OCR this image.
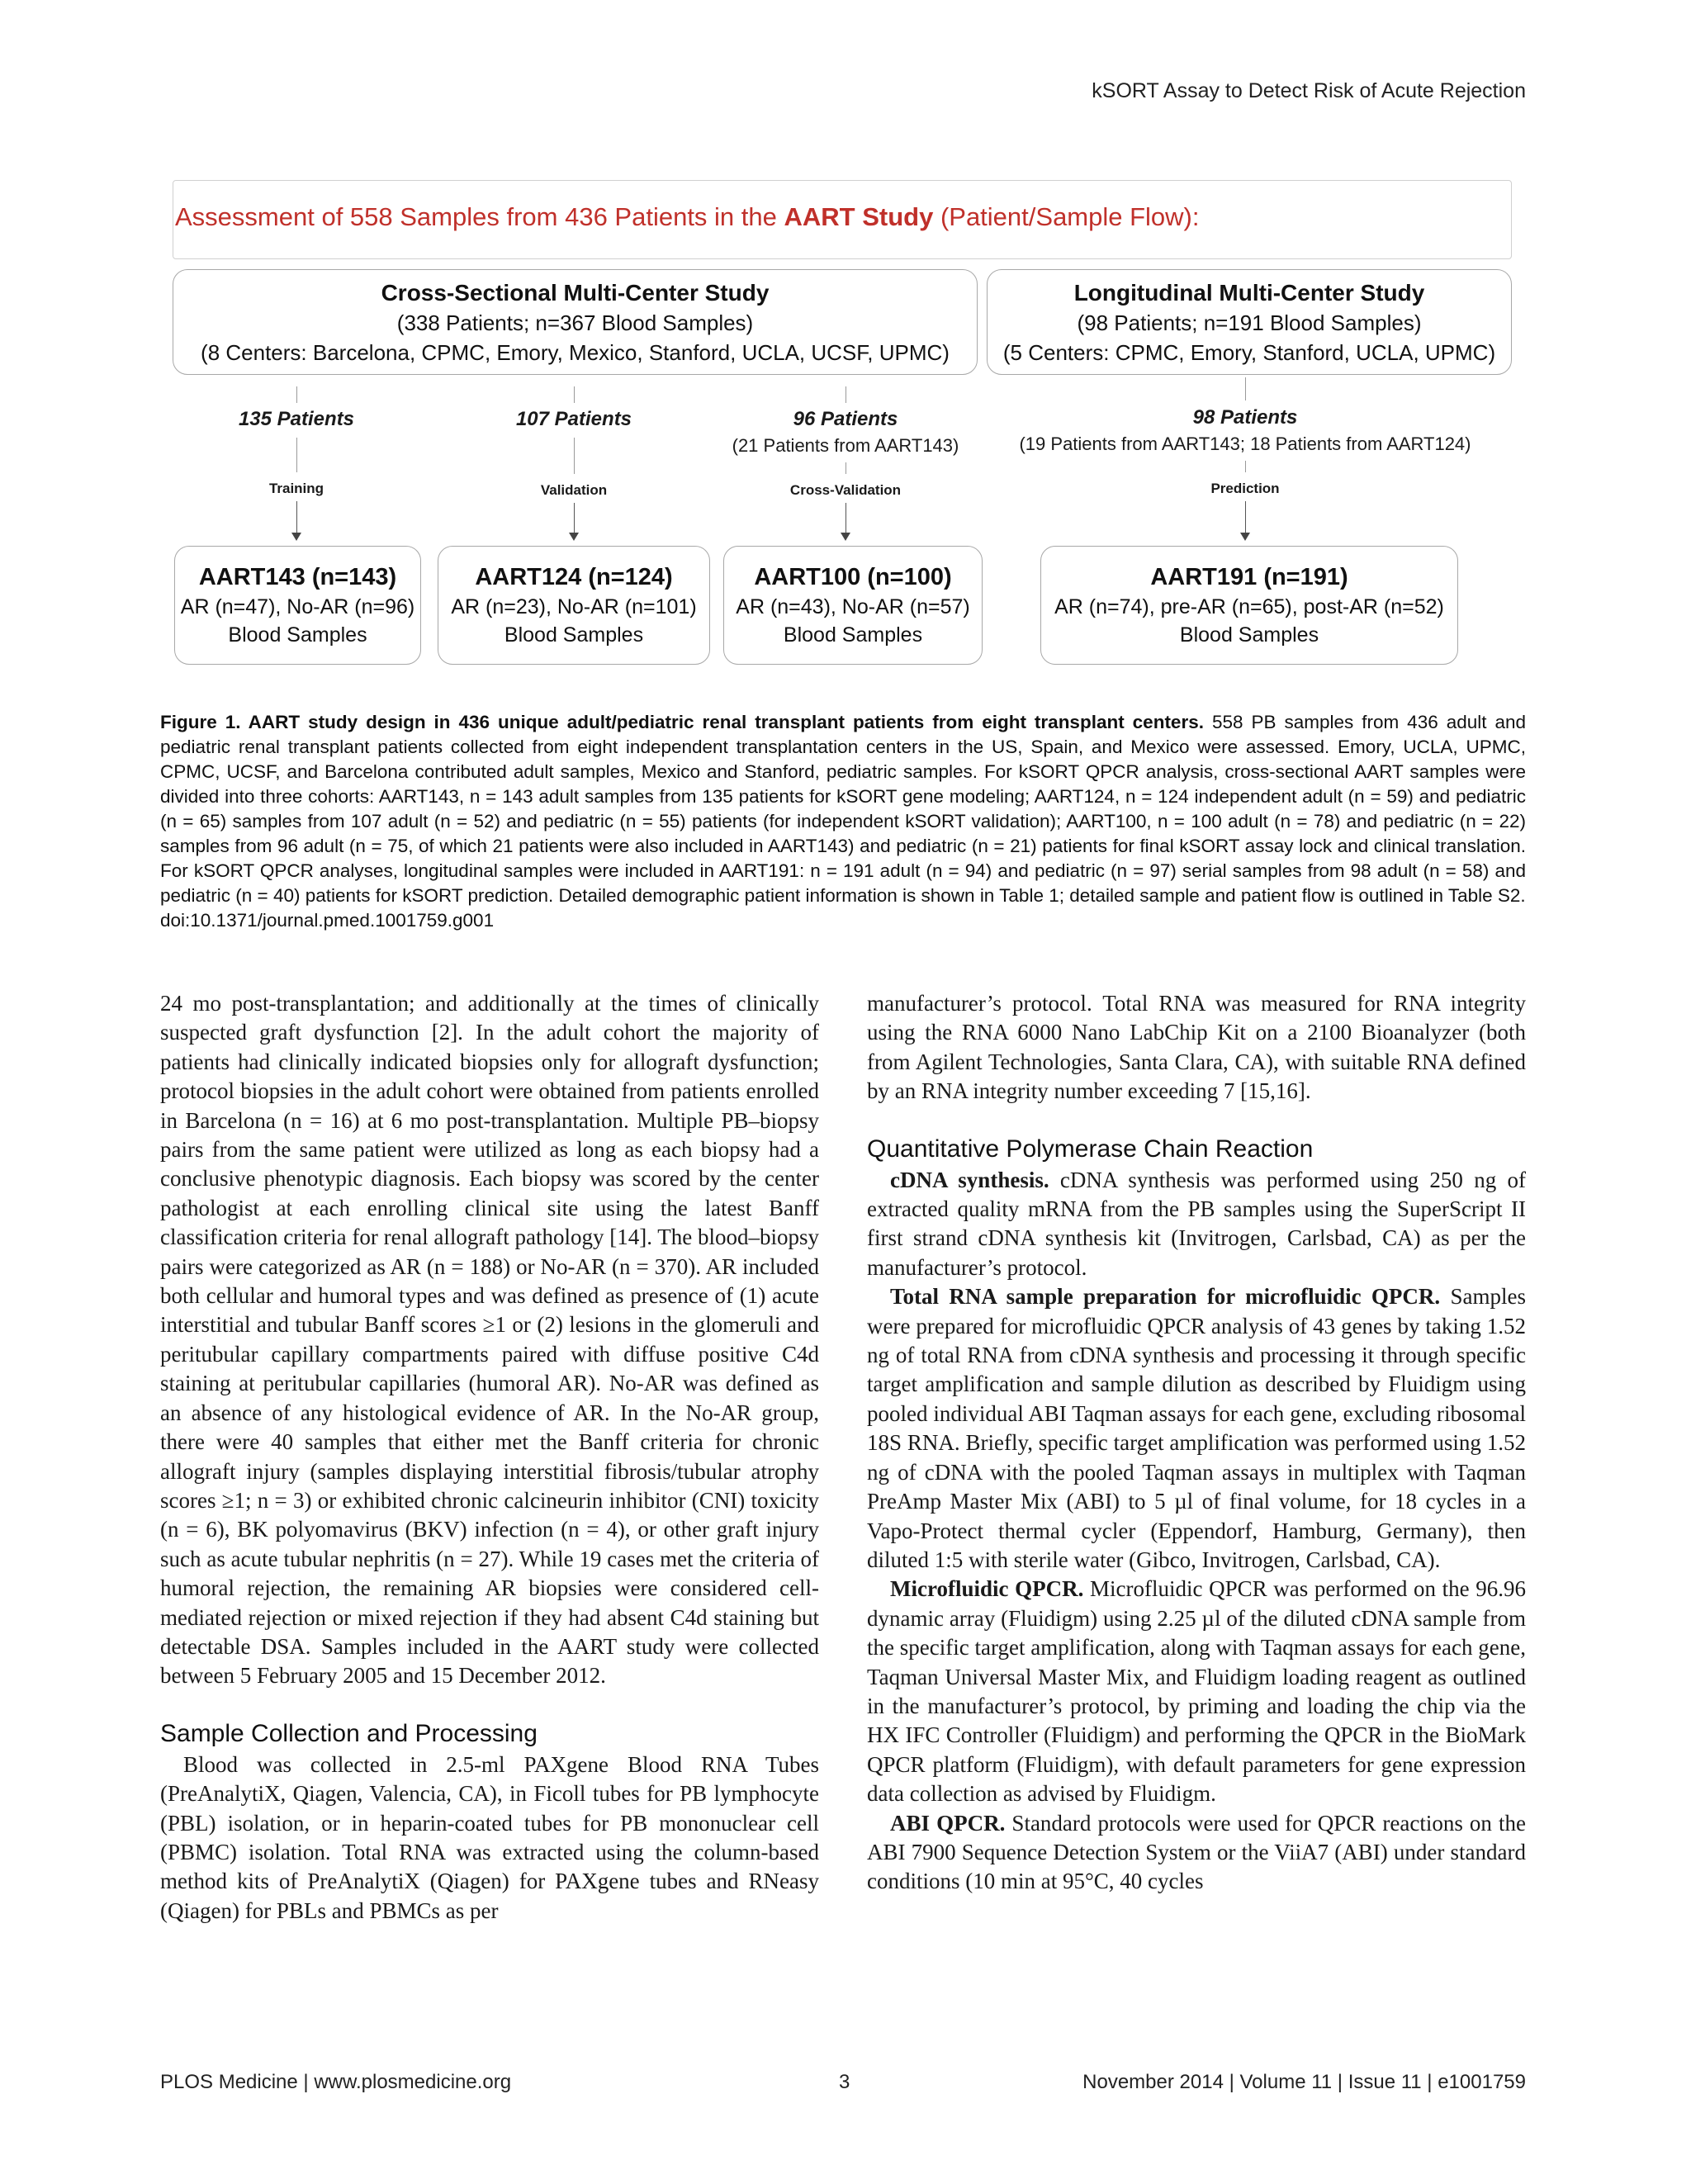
kSORT Assay to Detect Risk of Acute Rejection
Assessment of 558 Samples from 436 Patients in the AART Study (Patient/Sample Flow):
Cross-Sectional Multi-Center Study
(338 Patients; n=367 Blood Samples)
(8 Centers: Barcelona, CPMC, Emory, Mexico, Stanford, UCLA, UCSF, UPMC)
Longitudinal Multi-Center Study
(98 Patients; n=191 Blood Samples)
(5 Centers: CPMC, Emory, Stanford, UCLA, UPMC)
135 Patients
Training
107 Patients
Validation
96 Patients
(21 Patients from AART143)
Cross-Validation
98 Patients
(19 Patients from AART143; 18 Patients from AART124)
Prediction
AART143 (n=143)
AR (n=47), No-AR (n=96)
Blood Samples
AART124 (n=124)
AR (n=23), No-AR (n=101)
Blood Samples
AART100 (n=100)
AR (n=43), No-AR (n=57)
Blood Samples
AART191 (n=191)
AR (n=74), pre-AR (n=65), post-AR (n=52)
Blood Samples
Figure 1. AART study design in 436 unique adult/pediatric renal transplant patients from eight transplant centers. 558 PB samples from 436 adult and pediatric renal transplant patients collected from eight independent transplantation centers in the US, Spain, and Mexico were assessed. Emory, UCLA, UPMC, CPMC, UCSF, and Barcelona contributed adult samples, Mexico and Stanford, pediatric samples. For kSORT QPCR analysis, cross-sectional AART samples were divided into three cohorts: AART143, n = 143 adult samples from 135 patients for kSORT gene modeling; AART124, n = 124 independent adult (n = 59) and pediatric (n = 65) samples from 107 adult (n = 52) and pediatric (n = 55) patients (for independent kSORT validation); AART100, n = 100 adult (n = 78) and pediatric (n = 22) samples from 96 adult (n = 75, of which 21 patients were also included in AART143) and pediatric (n = 21) patients for final kSORT assay lock and clinical translation. For kSORT QPCR analyses, longitudinal samples were included in AART191: n = 191 adult (n = 94) and pediatric (n = 97) serial samples from 98 adult (n = 58) and pediatric (n = 40) patients for kSORT prediction. Detailed demographic patient information is shown in Table 1; detailed sample and patient flow is outlined in Table S2.
doi:10.1371/journal.pmed.1001759.g001

24 mo post-transplantation; and additionally at the times of clinically suspected graft dysfunction [2]. In the adult cohort the majority of patients had clinically indicated biopsies only for allograft dysfunction; protocol biopsies in the adult cohort were obtained from patients enrolled in Barcelona (n = 16) at 6 mo post-transplantation. Multiple PB–biopsy pairs from the same patient were utilized as long as each biopsy had a conclusive phenotypic diagnosis. Each biopsy was scored by the center pathologist at each enrolling clinical site using the latest Banff classification criteria for renal allograft pathology [14]. The blood–biopsy pairs were categorized as AR (n = 188) or No-AR (n = 370). AR included both cellular and humoral types and was defined as presence of (1) acute interstitial and tubular Banff scores ≥1 or (2) lesions in the glomeruli and peritubular capillary compartments paired with diffuse positive C4d staining at peritubular capillaries (humoral AR). No-AR was defined as an absence of any histological evidence of AR. In the No-AR group, there were 40 samples that either met the Banff criteria for chronic allograft injury (samples displaying interstitial fibrosis/tubular atrophy scores ≥1; n = 3) or exhibited chronic calcineurin inhibitor (CNI) toxicity (n = 6), BK polyomavirus (BKV) infection (n = 4), or other graft injury such as acute tubular nephritis (n = 27). While 19 cases met the criteria of humoral rejection, the remaining AR biopsies were considered cell-mediated rejection or mixed rejection if they had absent C4d staining but detectable DSA. Samples included in the AART study were collected between 5 February 2005 and 15 December 2012.

Sample Collection and Processing

Blood was collected in 2.5-ml PAXgene Blood RNA Tubes (PreAnalytiX, Qiagen, Valencia, CA), in Ficoll tubes for PB lymphocyte (PBL) isolation, or in heparin-coated tubes for PB mononuclear cell (PBMC) isolation. Total RNA was extracted using the column-based method kits of PreAnalytiX (Qiagen) for PAXgene tubes and RNeasy (Qiagen) for PBLs and PBMCs as per

manufacturer’s protocol. Total RNA was measured for RNA integrity using the RNA 6000 Nano LabChip Kit on a 2100 Bioanalyzer (both from Agilent Technologies, Santa Clara, CA), with suitable RNA defined by an RNA integrity number exceeding 7 [15,16].

Quantitative Polymerase Chain Reaction

cDNA synthesis. cDNA synthesis was performed using 250 ng of extracted quality mRNA from the PB samples using the SuperScript II first strand cDNA synthesis kit (Invitrogen, Carlsbad, CA) as per the manufacturer’s protocol.

Total RNA sample preparation for microfluidic QPCR. Samples were prepared for microfluidic QPCR analysis of 43 genes by taking 1.52 ng of total RNA from cDNA synthesis and processing it through specific target amplification and sample dilution as described by Fluidigm using pooled individual ABI Taqman assays for each gene, excluding ribosomal 18S RNA. Briefly, specific target amplification was performed using 1.52 ng of cDNA with the pooled Taqman assays in multiplex with Taqman PreAmp Master Mix (ABI) to 5 µl of final volume, for 18 cycles in a Vapo-Protect thermal cycler (Eppendorf, Hamburg, Germany), then diluted 1:5 with sterile water (Gibco, Invitrogen, Carlsbad, CA).

Microfluidic QPCR. Microfluidic QPCR was performed on the 96.96 dynamic array (Fluidigm) using 2.25 µl of the diluted cDNA sample from the specific target amplification, along with Taqman assays for each gene, Taqman Universal Master Mix, and Fluidigm loading reagent as outlined in the manufacturer’s protocol, by priming and loading the chip via the HX IFC Controller (Fluidigm) and performing the QPCR in the BioMark QPCR platform (Fluidigm), with default parameters for gene expression data collection as advised by Fluidigm.

ABI QPCR. Standard protocols were used for QPCR reactions on the ABI 7900 Sequence Detection System or the ViiA7 (ABI) under standard conditions (10 min at 95°C, 40 cycles

PLOS Medicine | www.plosmedicine.org	3	November 2014 | Volume 11 | Issue 11 | e1001759
